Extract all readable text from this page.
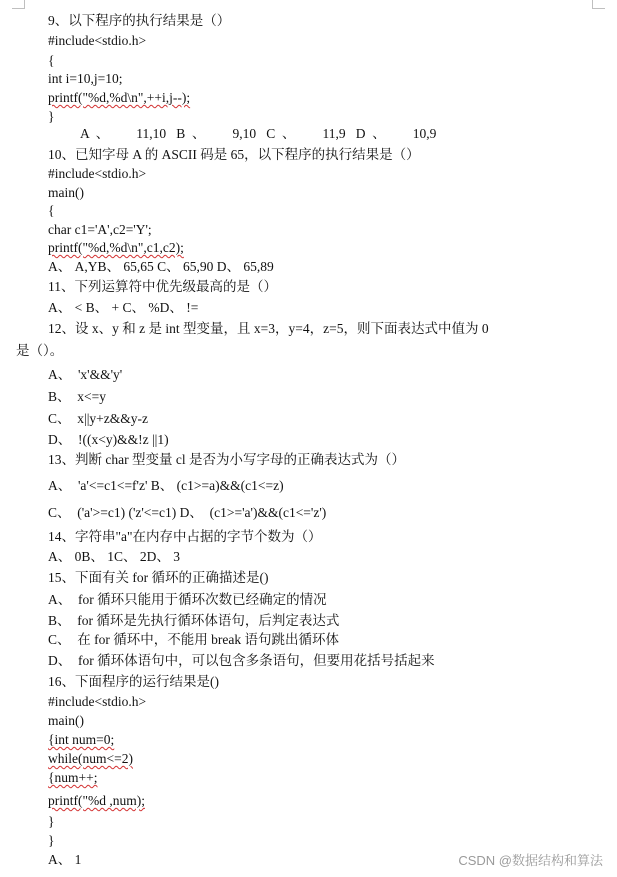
9、以下程序的执行结果是（）
#include<stdio.h>
{
int i=10,j=10;
printf("%d,%d\n",++i,j--);
}
A  、        11,10   B  、        9,10   C  、        11,9   D  、        10,9
10、已知字母 A 的 ASCII 码是 65，以下程序的执行结果是（）
#include<stdio.h>
main()
{
char c1='A',c2='Y';
printf("%d,%d\n",c1,c2);
A、 A,YB、 65,65 C、 65,90 D、 65,89
11、下列运算符中优先级最高的是（）
A、 < B、 + C、 %D、 !=
12、设 x、y 和 z 是 int 型变量，且 x=3，y=4，z=5，则下面表达式中值为 0
是（）。
A、  'x'&&'y'
B、  x<=y
C、  x||y+z&&y-z
D、  !((x<y)&&!z ||1)
13、判断 char 型变量 cl 是否为小写字母的正确表达式为（）
A、  'a'<=c1<=f'z' B、 (c1>=a)&&(c1<=z)
C、  ('a'>=c1) ('z'<=c1) D、  (c1>='a')&&(c1<='z')
14、字符串"a"在内存中占据的字节个数为（）
A、 0B、 1C、 2D、 3
15、下面有关 for 循环的正确描述是()
A、  for 循环只能用于循环次数已经确定的情况
B、  for 循环是先执行循环体语句，后判定表达式
C、  在 for 循环中，不能用 break 语句跳出循环体
D、  for 循环体语句中，可以包含多条语句，但要用花括号括起来
16、下面程序的运行结果是()
#include<stdio.h>
main()
{int num=0;
while(num<=2)
{num++;
printf("%d ,num);
}
}
A、 1	CSDN @数据结构和算法
